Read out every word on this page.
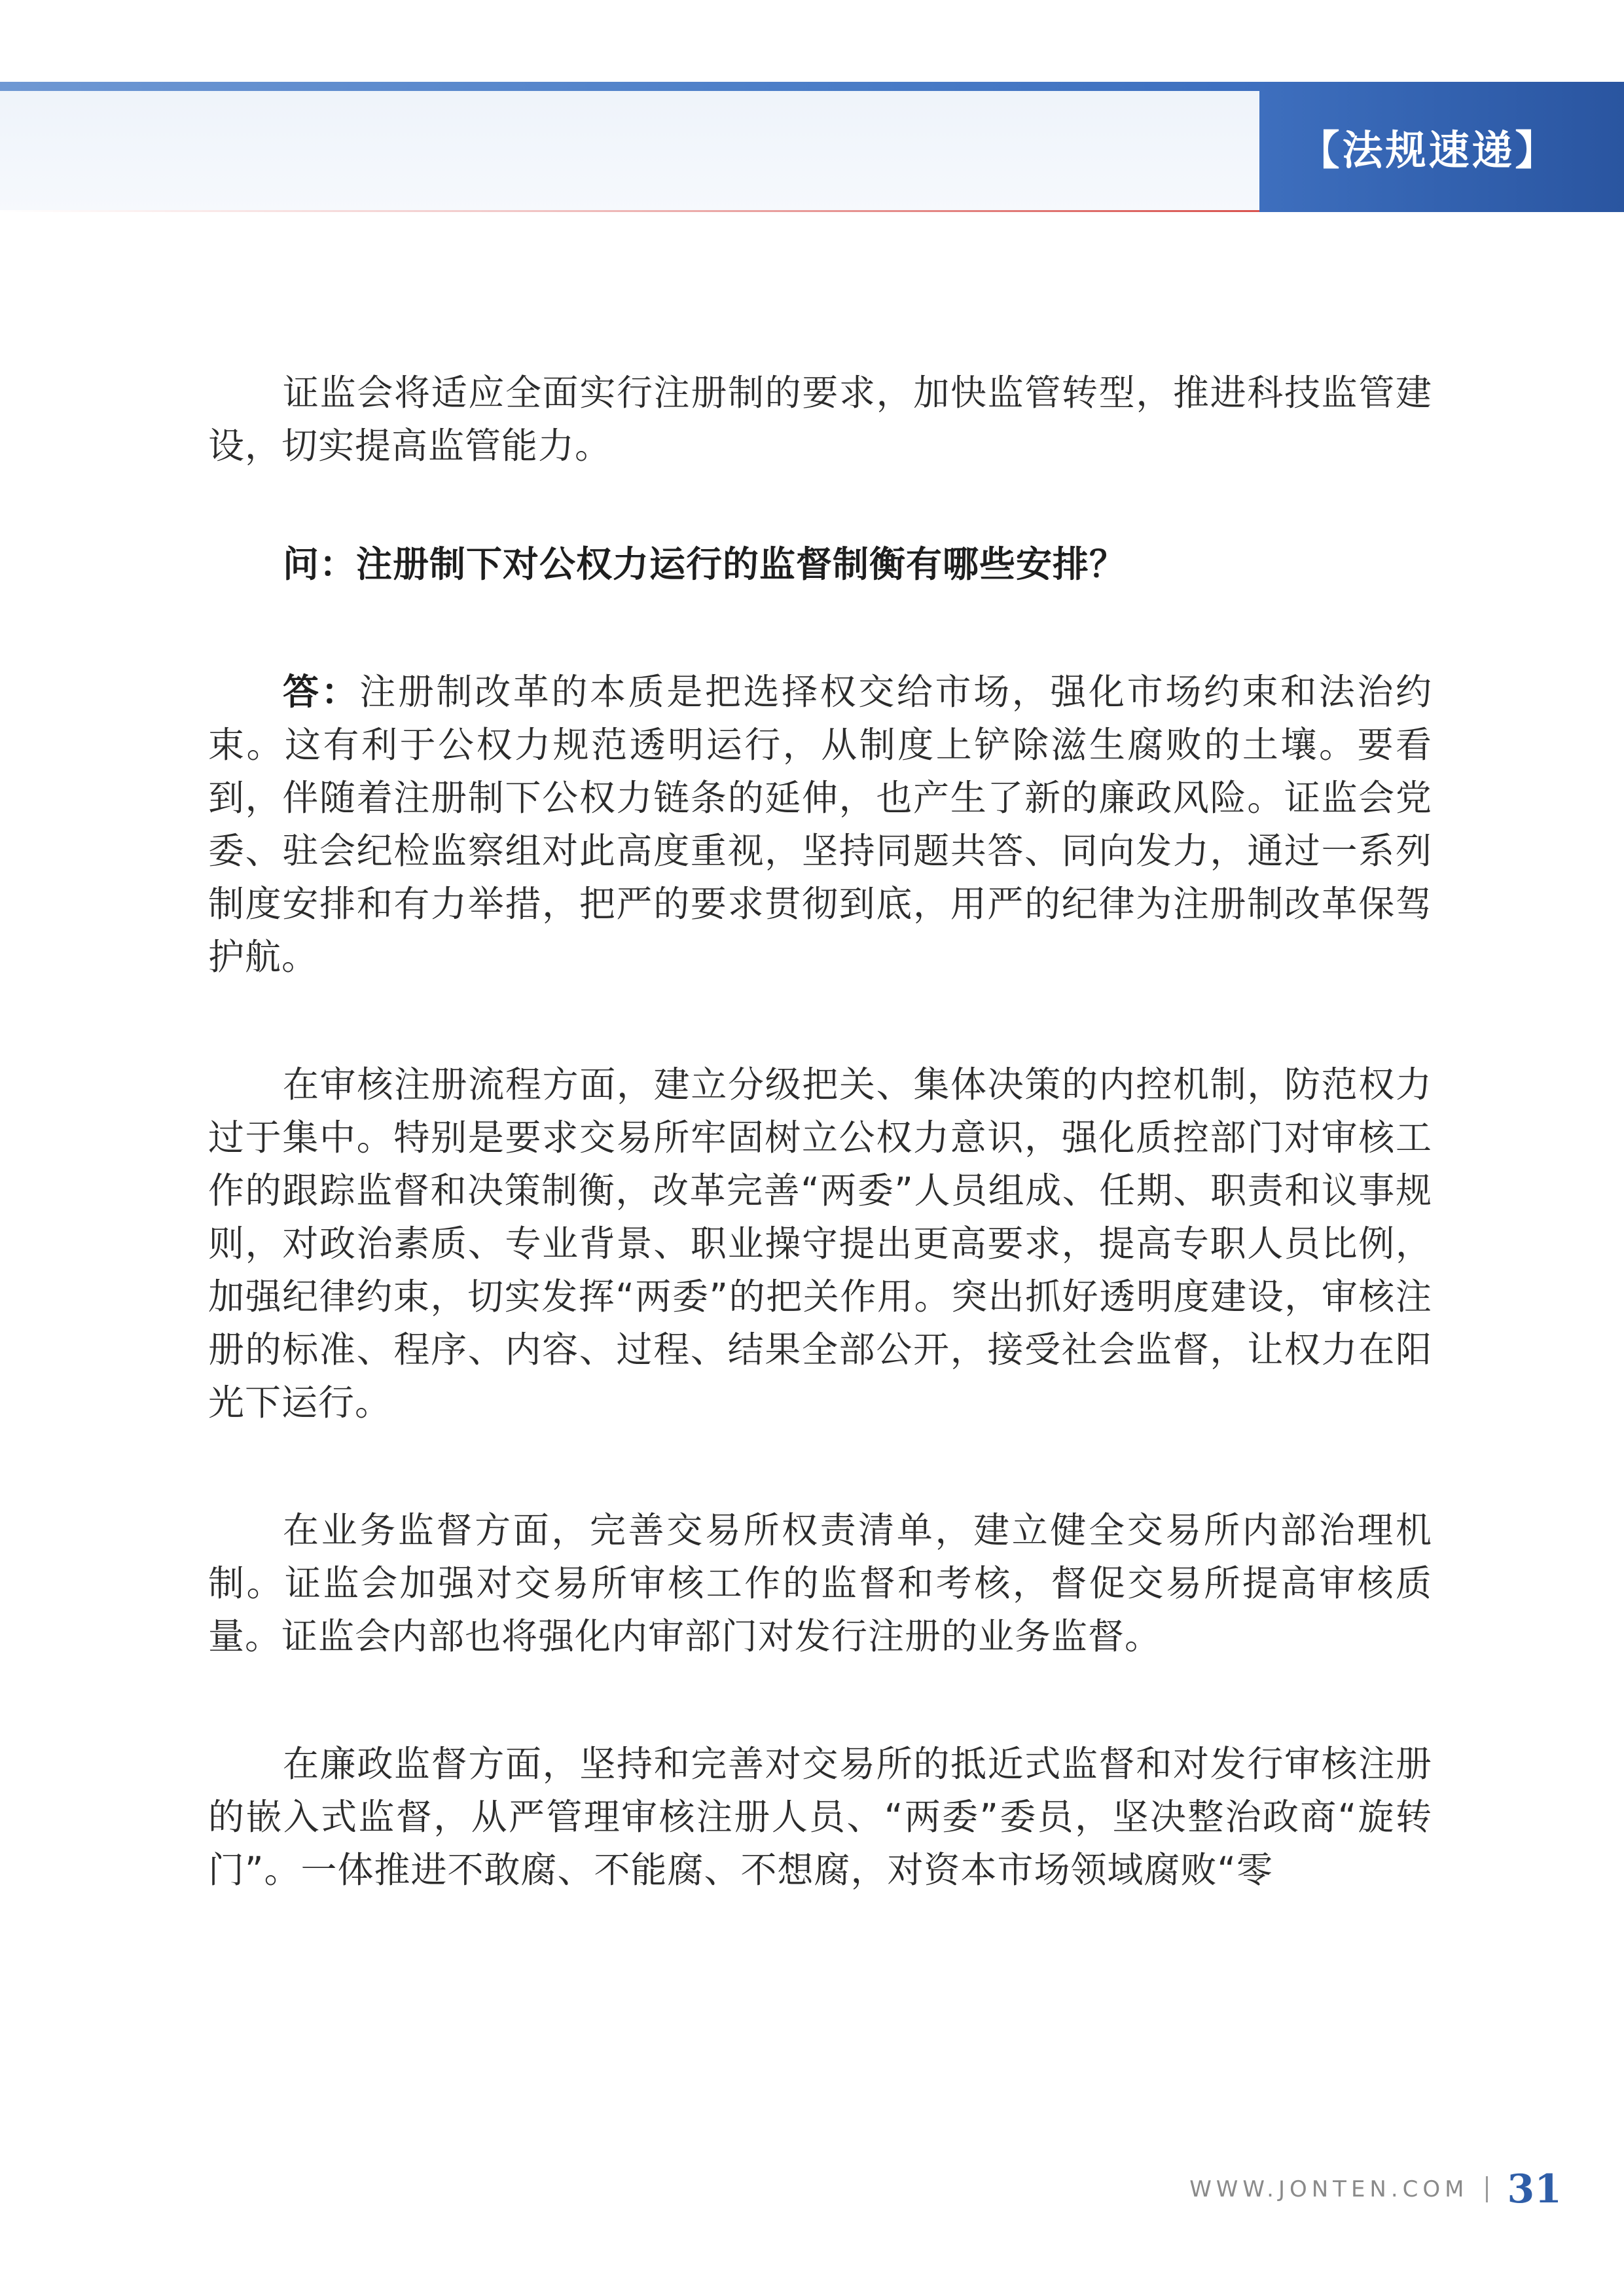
【法规速递】

证监会将适应全面实行注册制的要求，加快监管转型，推进科技监管建设，切实提高监管能力。

问：注册制下对公权力运行的监督制衡有哪些安排？

答：注册制改革的本质是把选择权交给市场，强化市场约束和法治约束。这有利于公权力规范透明运行，从制度上铲除滋生腐败的土壤。要看到，伴随着注册制下公权力链条的延伸，也产生了新的廉政风险。证监会党委、驻会纪检监察组对此高度重视，坚持同题共答、同向发力，通过一系列制度安排和有力举措，把严的要求贯彻到底，用严的纪律为注册制改革保驾护航。

在审核注册流程方面，建立分级把关、集体决策的内控机制，防范权力过于集中。特别是要求交易所牢固树立公权力意识，强化质控部门对审核工作的跟踪监督和决策制衡，改革完善“两委”人员组成、任期、职责和议事规则，对政治素质、专业背景、职业操守提出更高要求，提高专职人员比例，加强纪律约束，切实发挥“两委”的把关作用。突出抓好透明度建设，审核注册的标准、程序、内容、过程、结果全部公开，接受社会监督，让权力在阳光下运行。

在业务监督方面，完善交易所权责清单，建立健全交易所内部治理机制。证监会加强对交易所审核工作的监督和考核，督促交易所提高审核质量。证监会内部也将强化内审部门对发行注册的业务监督。

在廉政监督方面，坚持和完善对交易所的抵近式监督和对发行审核注册的嵌入式监督，从严管理审核注册人员、“两委”委员，坚决整治政商“旋转门”。一体推进不敢腐、不能腐、不想腐，对资本市场领域腐败“零

WWW.JONTEN.COM 31
